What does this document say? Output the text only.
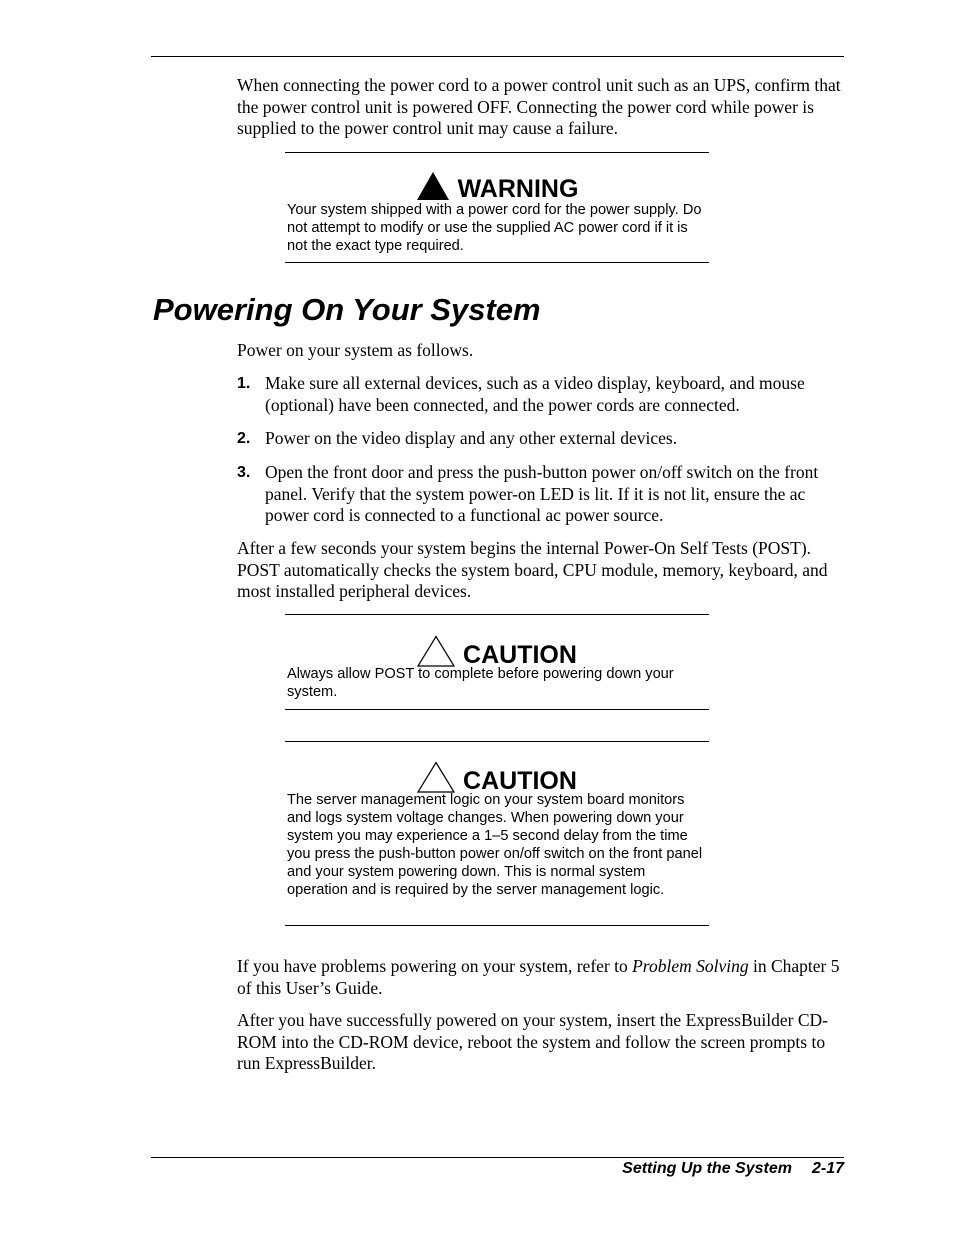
When connecting the power cord to a power control unit such as an UPS, confirm that the power control unit is powered OFF. Connecting the power cord while power is supplied to the power control unit may cause a failure.

WARNING

Your system shipped with a power cord for the power supply. Do not attempt to modify or use the supplied AC power cord if it is not the exact type required.

Powering On Your System

Power on your system as follows.

1. Make sure all external devices, such as a video display, keyboard, and mouse (optional) have been connected, and the power cords are connected.
2. Power on the video display and any other external devices.
3. Open the front door and press the push-button power on/off switch on the front panel. Verify that the system power-on LED is lit. If it is not lit, ensure the ac power cord is connected to a functional ac power source.

After a few seconds your system begins the internal Power-On Self Tests (POST). POST automatically checks the system board, CPU module, memory, keyboard, and most installed peripheral devices.

CAUTION

Always allow POST to complete before powering down your system.

CAUTION

The server management logic on your system board monitors and logs system voltage changes. When powering down your system you may experience a 1–5 second delay from the time you press the push-button power on/off switch on the front panel and your system powering down. This is normal system operation and is required by the server management logic.

If you have problems powering on your system, refer to Problem Solving in Chapter 5 of this User’s Guide.

After you have successfully powered on your system, insert the ExpressBuilder CD-ROM into the CD-ROM device, reboot the system and follow the screen prompts to run ExpressBuilder.

Setting Up the System 2-17
